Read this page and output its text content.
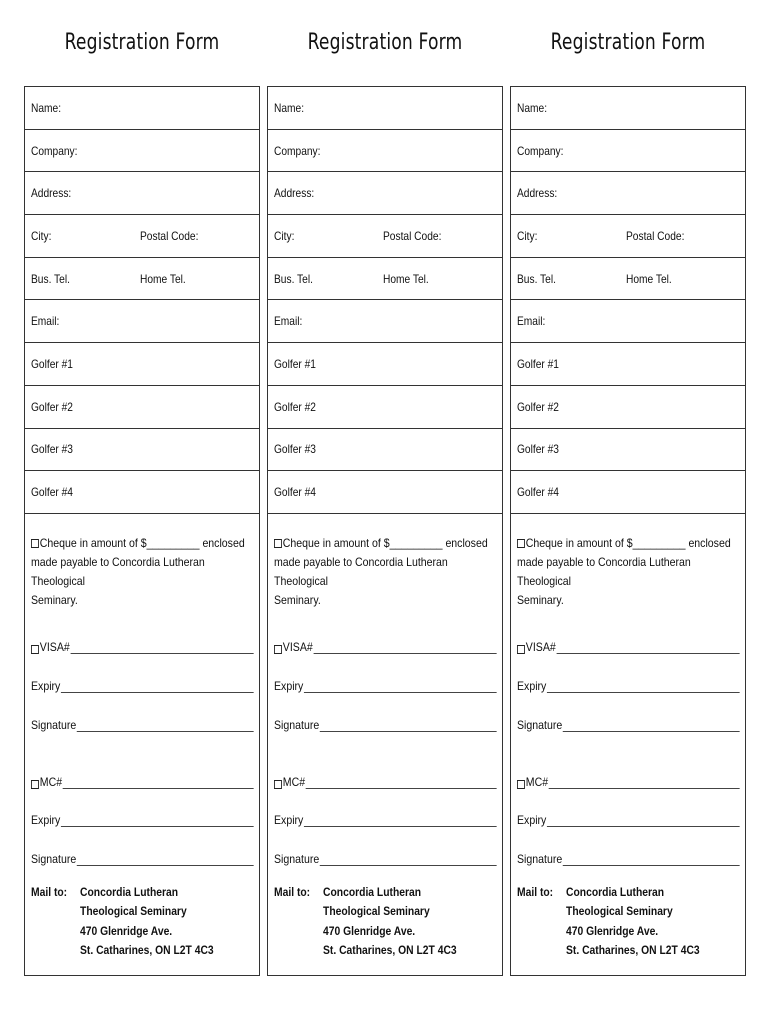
Registration Form
Name:
Company:
Address:
City:	Postal Code:
Bus. Tel.	Home Tel.
Email:
Golfer #1
Golfer #2
Golfer #3
Golfer #4
Cheque in amount of $_________ enclosed
made payable to Concordia Lutheran Theological
Seminary.
VISA#
Expiry
Signature
MC#
Expiry
Signature
Mail to:	Concordia Lutheran
Theological Seminary
470 Glenridge Ave.
St. Catharines, ON L2T 4C3
Registration Form
Name:
Company:
Address:
City:	Postal Code:
Bus. Tel.	Home Tel.
Email:
Golfer #1
Golfer #2
Golfer #3
Golfer #4
Cheque in amount of $_________ enclosed
made payable to Concordia Lutheran Theological
Seminary.
VISA#
Expiry
Signature
MC#
Expiry
Signature
Mail to:	Concordia Lutheran
Theological Seminary
470 Glenridge Ave.
St. Catharines, ON L2T 4C3
Registration Form
Name:
Company:
Address:
City:	Postal Code:
Bus. Tel.	Home Tel.
Email:
Golfer #1
Golfer #2
Golfer #3
Golfer #4
Cheque in amount of $_________ enclosed
made payable to Concordia Lutheran Theological
Seminary.
VISA#
Expiry
Signature
MC#
Expiry
Signature
Mail to:	Concordia Lutheran
Theological Seminary
470 Glenridge Ave.
St. Catharines, ON L2T 4C3
